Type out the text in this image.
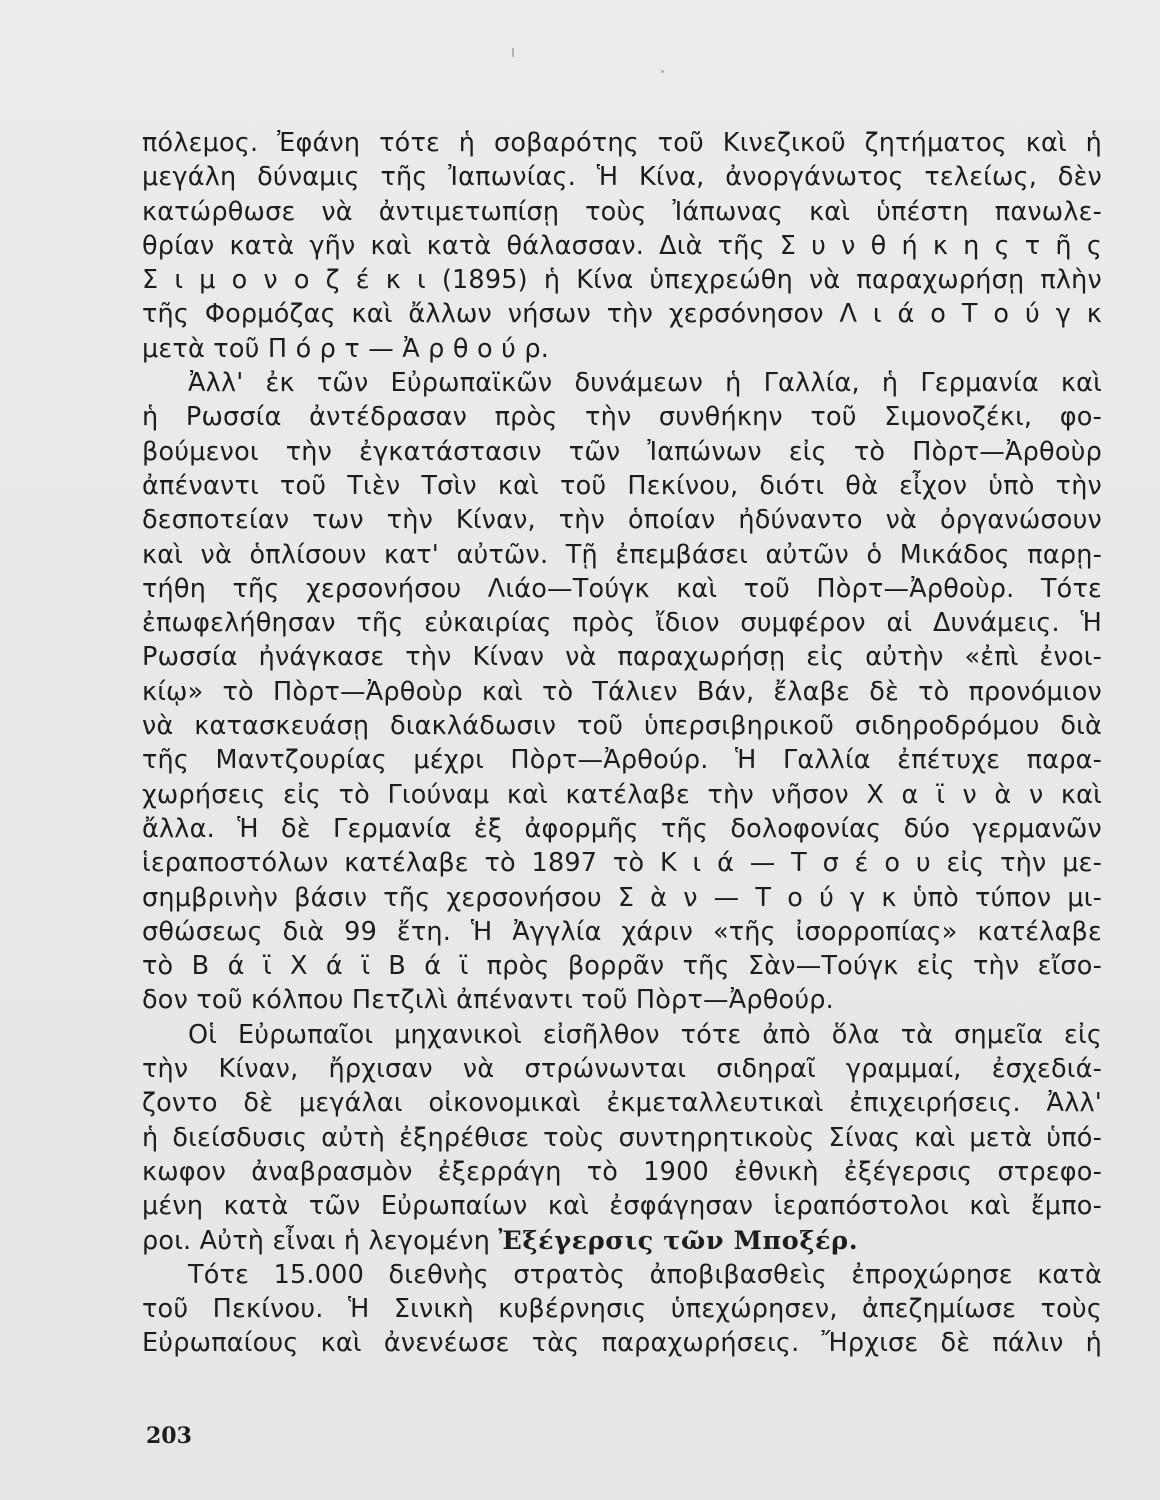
πόλεμος. Ἐφάνη τότε ἡ σοβαρότης τοῦ Κινεζικοῦ ζητήματος καὶ ἡ
μεγάλη δύναμις τῆς Ἰαπωνίας. Ἡ Κίνα, ἀνοργάνωτος τελείως, δὲν
κατώρθωσε νὰ ἀντιμετωπίσῃ τοὺς Ἰάπωνας καὶ ὑπέστη πανωλε-
θρίαν κατὰ γῆν καὶ κατὰ θάλασσαν. Διὰ τῆς Σ υ ν θ ή κ η ς τ ῆ ς
Σ ι μ ο ν ο ζ έ κ ι (1895) ἡ Κίνα ὑπεχρεώθη νὰ παραχωρήσῃ πλὴν
τῆς Φορμόζας καὶ ἄλλων νήσων τὴν χερσόνησον Λ ι ά ο Τ ο ύ γ κ
μετὰ τοῦ Π ό ρ τ — Ἀ ρ θ ο ύ ρ.
Ἀλλ' ἐκ τῶν Εὐρωπαϊκῶν δυνάμεων ἡ Γαλλία, ἡ Γερμανία καὶ
ἡ Ρωσσία ἀντέδρασαν πρὸς τὴν συνθήκην τοῦ Σιμονοζέκι, φο-
βούμενοι τὴν ἐγκατάστασιν τῶν Ἰαπώνων εἰς τὸ Πὸρτ—Ἀρθοὺρ
ἀπέναντι τοῦ Τιὲν Τσὶν καὶ τοῦ Πεκίνου, διότι θὰ εἶχον ὑπὸ τὴν
δεσποτείαν των τὴν Κίναν, τὴν ὁποίαν ἠδύναντο νὰ ὀργανώσουν
καὶ νὰ ὁπλίσουν κατ' αὐτῶν. Τῇ ἐπεμβάσει αὐτῶν ὁ Μικάδος παρῃ-
τήθη τῆς χερσονήσου Λιάο—Τούγκ καὶ τοῦ Πὸρτ—Ἀρθοὺρ. Τότε
ἐπωφελήθησαν τῆς εὐκαιρίας πρὸς ἴδιον συμφέρον αἱ Δυνάμεις. Ἡ
Ρωσσία ἠνάγκασε τὴν Κίναν νὰ παραχωρήσῃ εἰς αὐτὴν «ἐπὶ ἐνοι-
κίῳ» τὸ Πὸρτ—Ἀρθοὺρ καὶ τὸ Τάλιεν Βάν, ἔλαβε δὲ τὸ προνόμιον
νὰ κατασκευάσῃ διακλάδωσιν τοῦ ὑπερσιβηρικοῦ σιδηροδρόμου διὰ
τῆς Μαντζουρίας μέχρι Πὸρτ—Ἀρθούρ. Ἡ Γαλλία ἐπέτυχε παρα-
χωρήσεις εἰς τὸ Γιούναμ καὶ κατέλαβε τὴν νῆσον Χ α ϊ ν ὰ ν καὶ
ἄλλα. Ἡ δὲ Γερμανία ἐξ ἀφορμῆς τῆς δολοφονίας δύο γερμανῶν
ἱεραποστόλων κατέλαβε τὸ 1897 τὸ Κ ι ά — Τ σ έ ο υ εἰς τὴν με-
σημβρινὴν βάσιν τῆς χερσονήσου Σ ὰ ν — Τ ο ύ γ κ ὑπὸ τύπον μι-
σθώσεως διὰ 99 ἔτη. Ἡ Ἀγγλία χάριν «τῆς ἰσορροπίας» κατέλαβε
τὸ Β ά ϊ Χ ά ϊ Β ά ϊ πρὸς βορρᾶν τῆς Σὰν—Τούγκ εἰς τὴν εἴσο-
δον τοῦ κόλπου Πετζιλὶ ἀπέναντι τοῦ Πὸρτ—Ἀρθούρ.
Οἱ Εὐρωπαῖοι μηχανικοὶ εἰσῆλθον τότε ἀπὸ ὅλα τὰ σημεῖα εἰς
τὴν Κίναν, ἤρχισαν νὰ στρώνωνται σιδηραῖ γραμμαί, ἐσχεδιά-
ζοντο δὲ μεγάλαι οἰκονομικαὶ ἐκμεταλλευτικαὶ ἐπιχειρήσεις. Ἀλλ'
ἡ διείσδυσις αὐτὴ ἐξηρέθισε τοὺς συντηρητικοὺς Σίνας καὶ μετὰ ὑπό-
κωφον ἀναβρασμὸν ἐξερράγη τὸ 1900 ἐθνικὴ ἐξέγερσις στρεφο-
μένη κατὰ τῶν Εὐρωπαίων καὶ ἐσφάγησαν ἱεραπόστολοι καὶ ἔμπο-
ροι. Αὐτὴ εἶναι ἡ λεγομένη Ἐξέγερσις τῶν Μποξέρ.
Τότε 15.000 διεθνὴς στρατὸς ἀποβιβασθεὶς ἐπροχώρησε κατὰ
τοῦ Πεκίνου. Ἡ Σινικὴ κυβέρνησις ὑπεχώρησεν, ἀπεζημίωσε τοὺς
Εὐρωπαίους καὶ ἀνενέωσε τὰς παραχωρήσεις. Ἤρχισε δὲ πάλιν ἡ
203
